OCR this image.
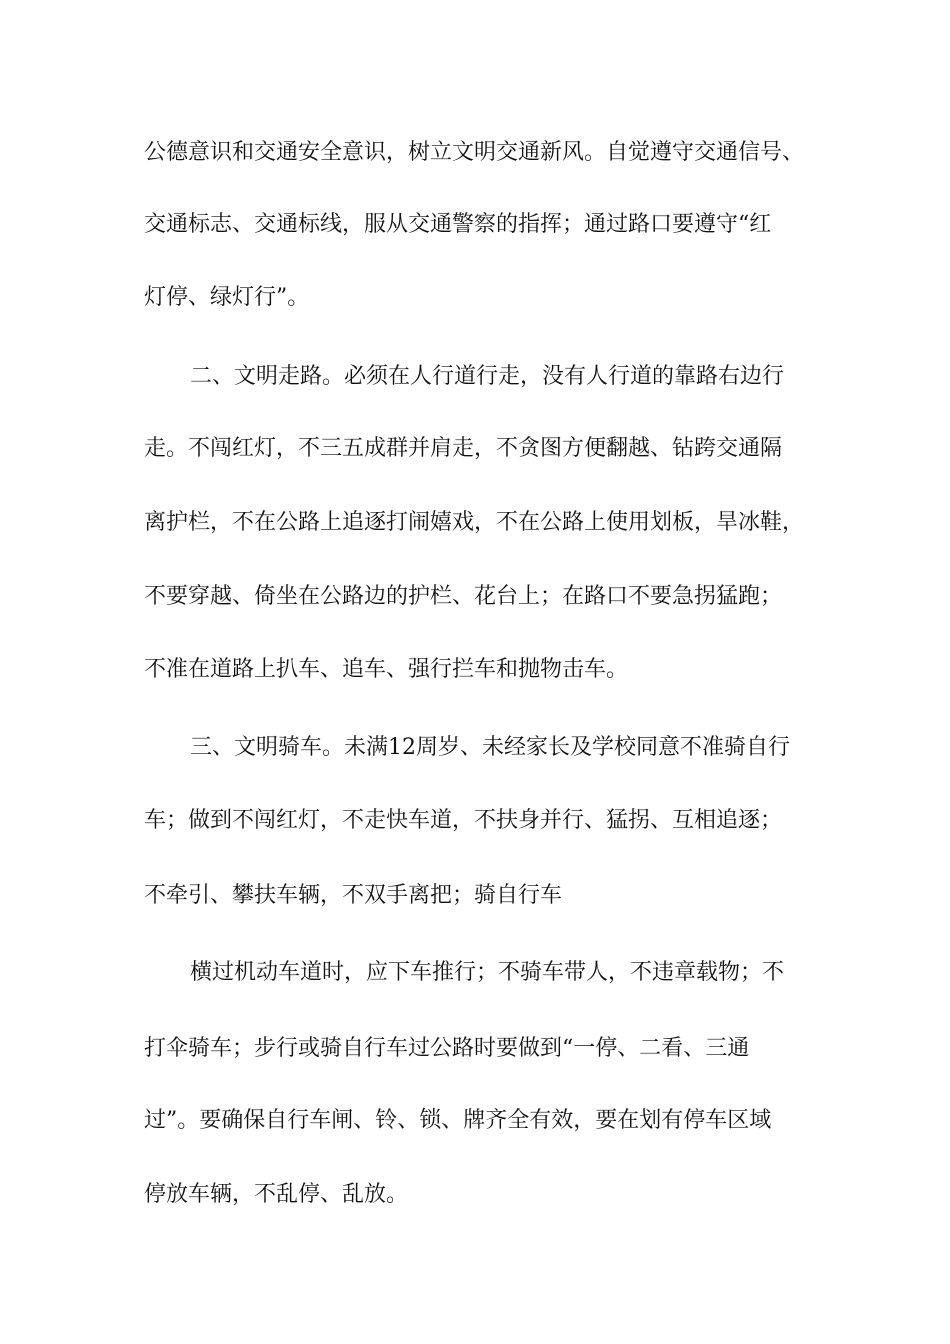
公德意识和交通安全意识，树立文明交通新风。自觉遵守交通信号、
交通标志、交通标线，服从交通警察的指挥；通过路口要遵守“红
灯停、绿灯行”。
二、文明走路。必须在人行道行走，没有人行道的靠路右边行
走。不闯红灯，不三五成群并肩走，不贪图方便翻越、钻跨交通隔
离护栏，不在公路上追逐打闹嬉戏，不在公路上使用划板，旱冰鞋，
不要穿越、倚坐在公路边的护栏、花台上；在路口不要急拐猛跑；
不准在道路上扒车、追车、强行拦车和抛物击车。
三、文明骑车。未满12周岁、未经家长及学校同意不准骑自行
车；做到不闯红灯，不走快车道，不扶身并行、猛拐、互相追逐；
不牵引、攀扶车辆，不双手离把；骑自行车
横过机动车道时，应下车推行；不骑车带人，不违章载物；不
打伞骑车；步行或骑自行车过公路时要做到“一停、二看、三通
过”。要确保自行车闸、铃、锁、牌齐全有效，要在划有停车区域
停放车辆，不乱停、乱放。
